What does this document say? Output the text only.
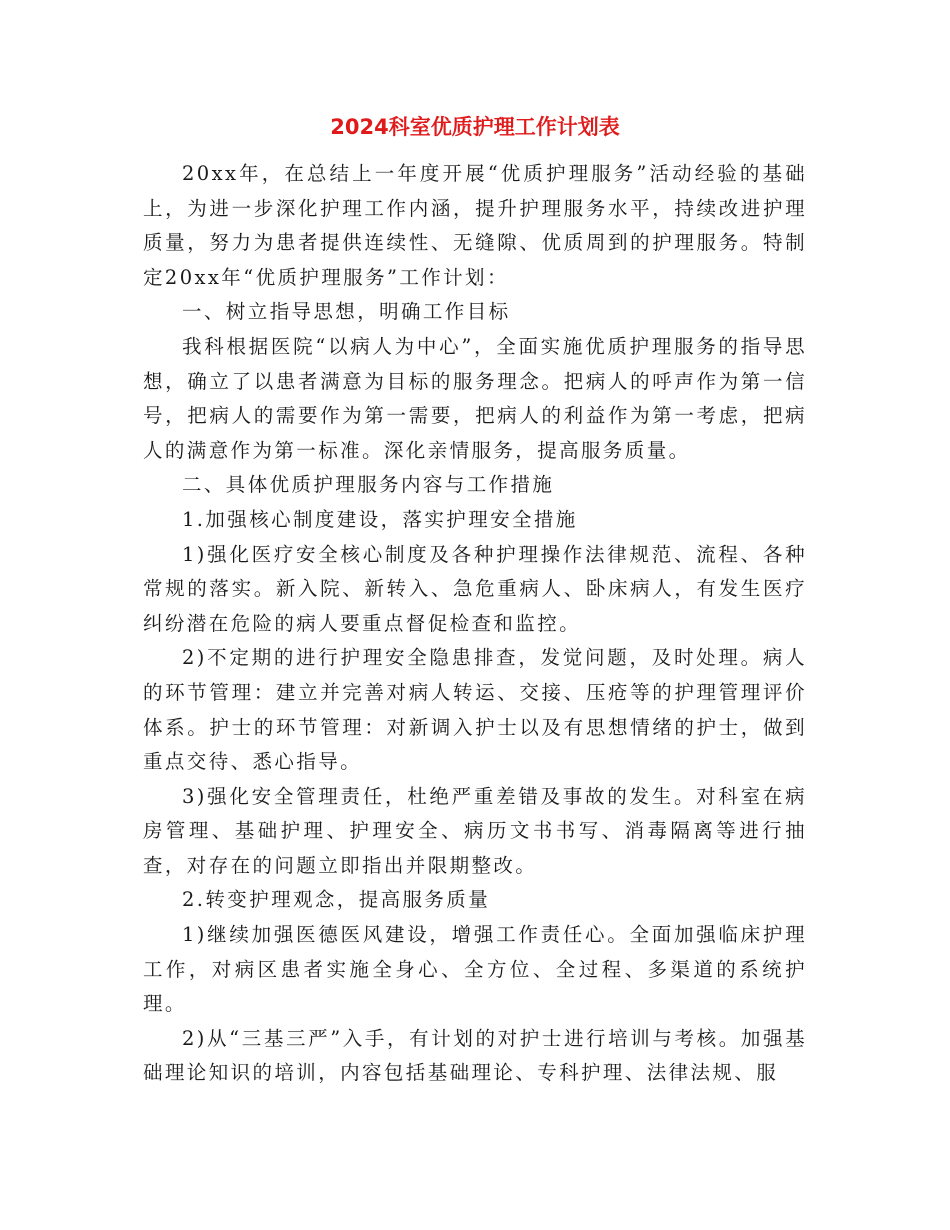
2024科室优质护理工作计划表

20xx年，在总结上一年度开展“优质护理服务”活动经验的基础上，为进一步深化护理工作内涵，提升护理服务水平，持续改进护理质量，努力为患者提供连续性、无缝隙、优质周到的护理服务。特制定20xx年“优质护理服务”工作计划：

一、树立指导思想，明确工作目标

我科根据医院“以病人为中心”，全面实施优质护理服务的指导思想，确立了以患者满意为目标的服务理念。把病人的呼声作为第一信号，把病人的需要作为第一需要，把病人的利益作为第一考虑，把病人的满意作为第一标准。深化亲情服务，提高服务质量。

二、具体优质护理服务内容与工作措施

1.加强核心制度建设，落实护理安全措施

1)强化医疗安全核心制度及各种护理操作法律规范、流程、各种常规的落实。新入院、新转入、急危重病人、卧床病人，有发生医疗纠纷潜在危险的病人要重点督促检查和监控。

2)不定期的进行护理安全隐患排查，发觉问题，及时处理。病人的环节管理：建立并完善对病人转运、交接、压疮等的护理管理评价体系。护士的环节管理：对新调入护士以及有思想情绪的护士，做到重点交待、悉心指导。

3)强化安全管理责任，杜绝严重差错及事故的发生。对科室在病房管理、基础护理、护理安全、病历文书书写、消毒隔离等进行抽查，对存在的问题立即指出并限期整改。

2.转变护理观念，提高服务质量

1)继续加强医德医风建设，增强工作责任心。全面加强临床护理工作，对病区患者实施全身心、全方位、全过程、多渠道的系统护理。

2)从“三基三严”入手，有计划的对护士进行培训与考核。加强基础理论知识的培训，内容包括基础理论、专科护理、法律法规、服
